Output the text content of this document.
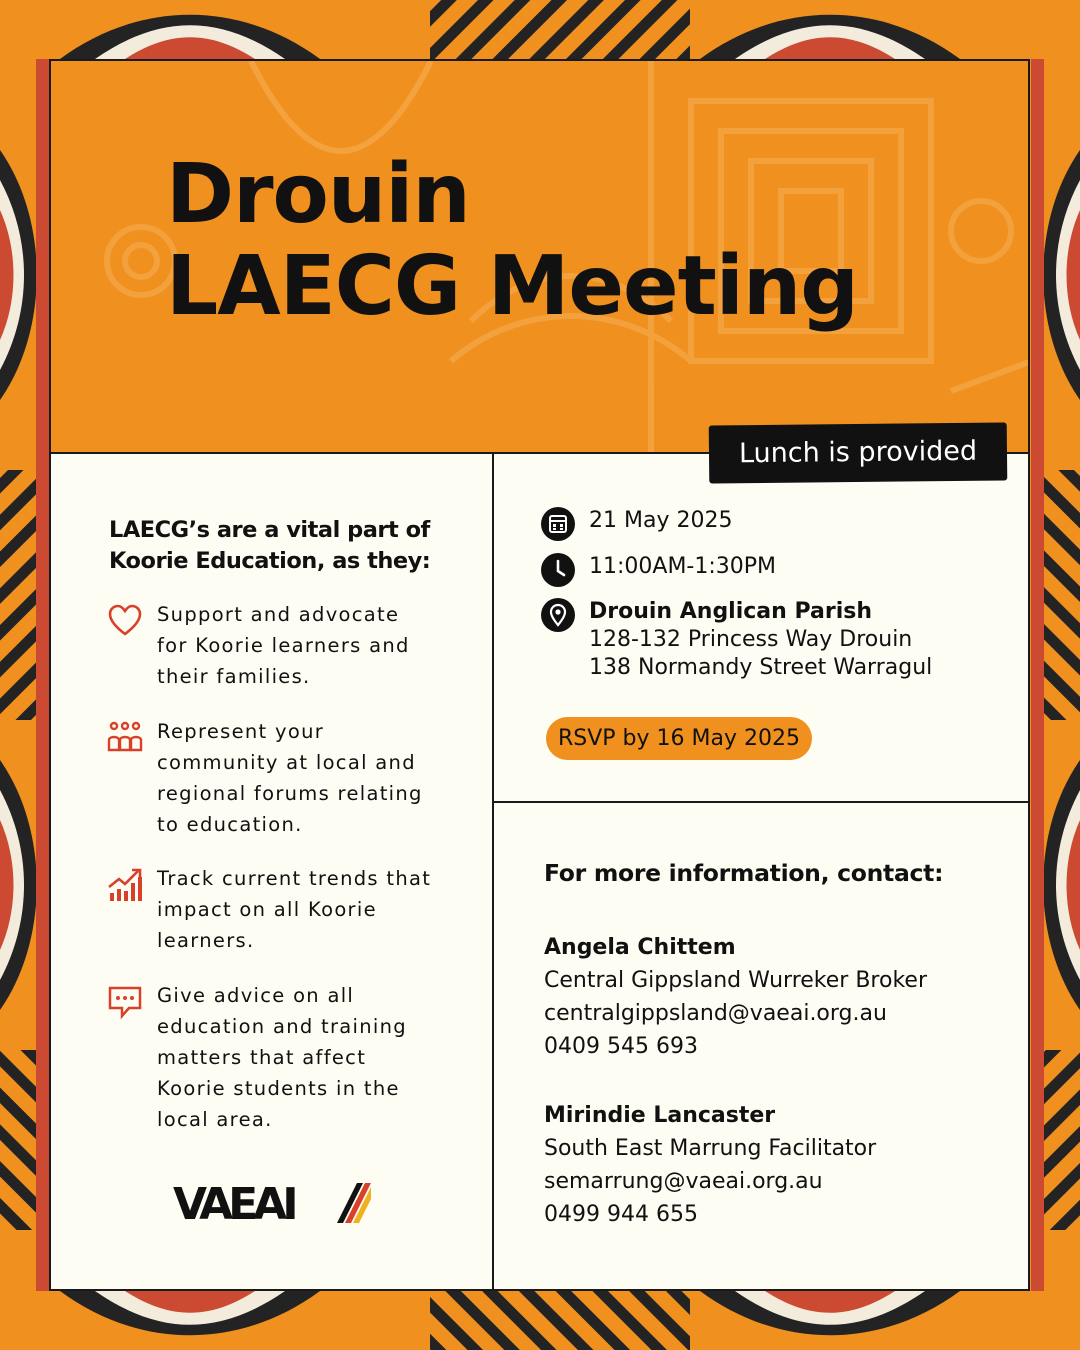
Drouin
LAECG Meeting
Lunch is provided

LAECG’s are a vital part of Koorie Education, as they:

Support and advocate for Koorie learners and their families.

Represent your community at local and regional forums relating to education.

Track current trends that impact on all Koorie learners.

Give advice on all education and training matters that affect Koorie students in the local area.

VAEAI
21 May 2025
11:00AM-1:30PM
Drouin Anglican Parish
128-132 Princess Way Drouin
138 Normandy Street Warragul
RSVP by 16 May 2025

For more information, contact:

Angela Chittem
Central Gippsland Wurreker Broker
centralgippsland@vaeai.org.au
0409 545 693
Mirindie Lancaster
South East Marrung Facilitator
semarrung@vaeai.org.au
0499 944 655
